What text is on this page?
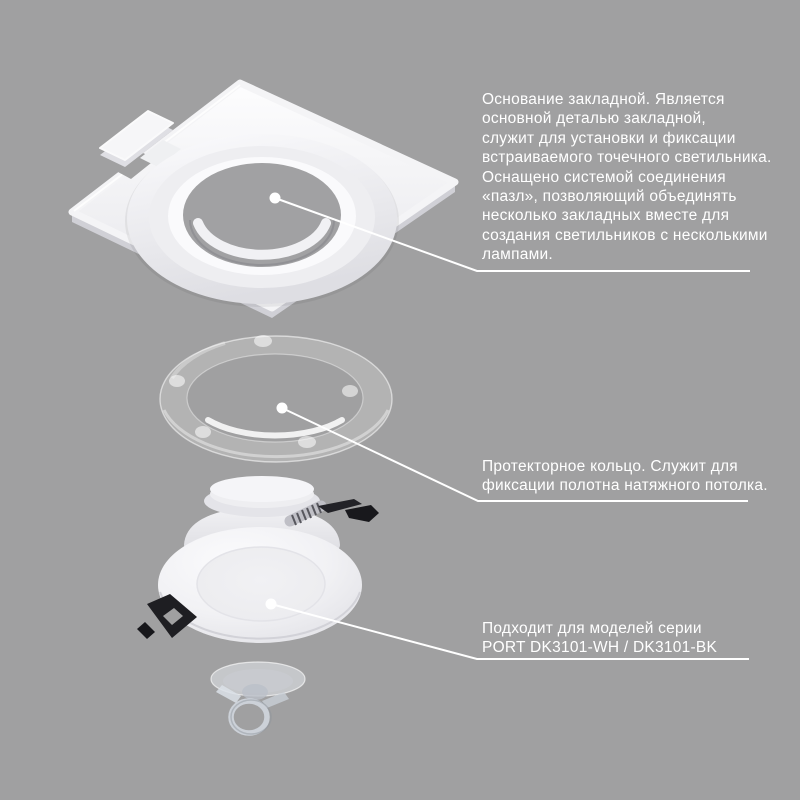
Основание закладной. Является
основной деталью закладной,
служит для установки и фиксации
встраиваемого точечного светильника.
Оснащено системой соединения
«пазл», позволяющий объединять
несколько закладных вместе для
создания светильников с несколькими
лампами.
Протекторное кольцо. Служит для
фиксации полотна натяжного потолка.
Подходит для моделей серии
PORT DK3101-WH / DK3101-BK
